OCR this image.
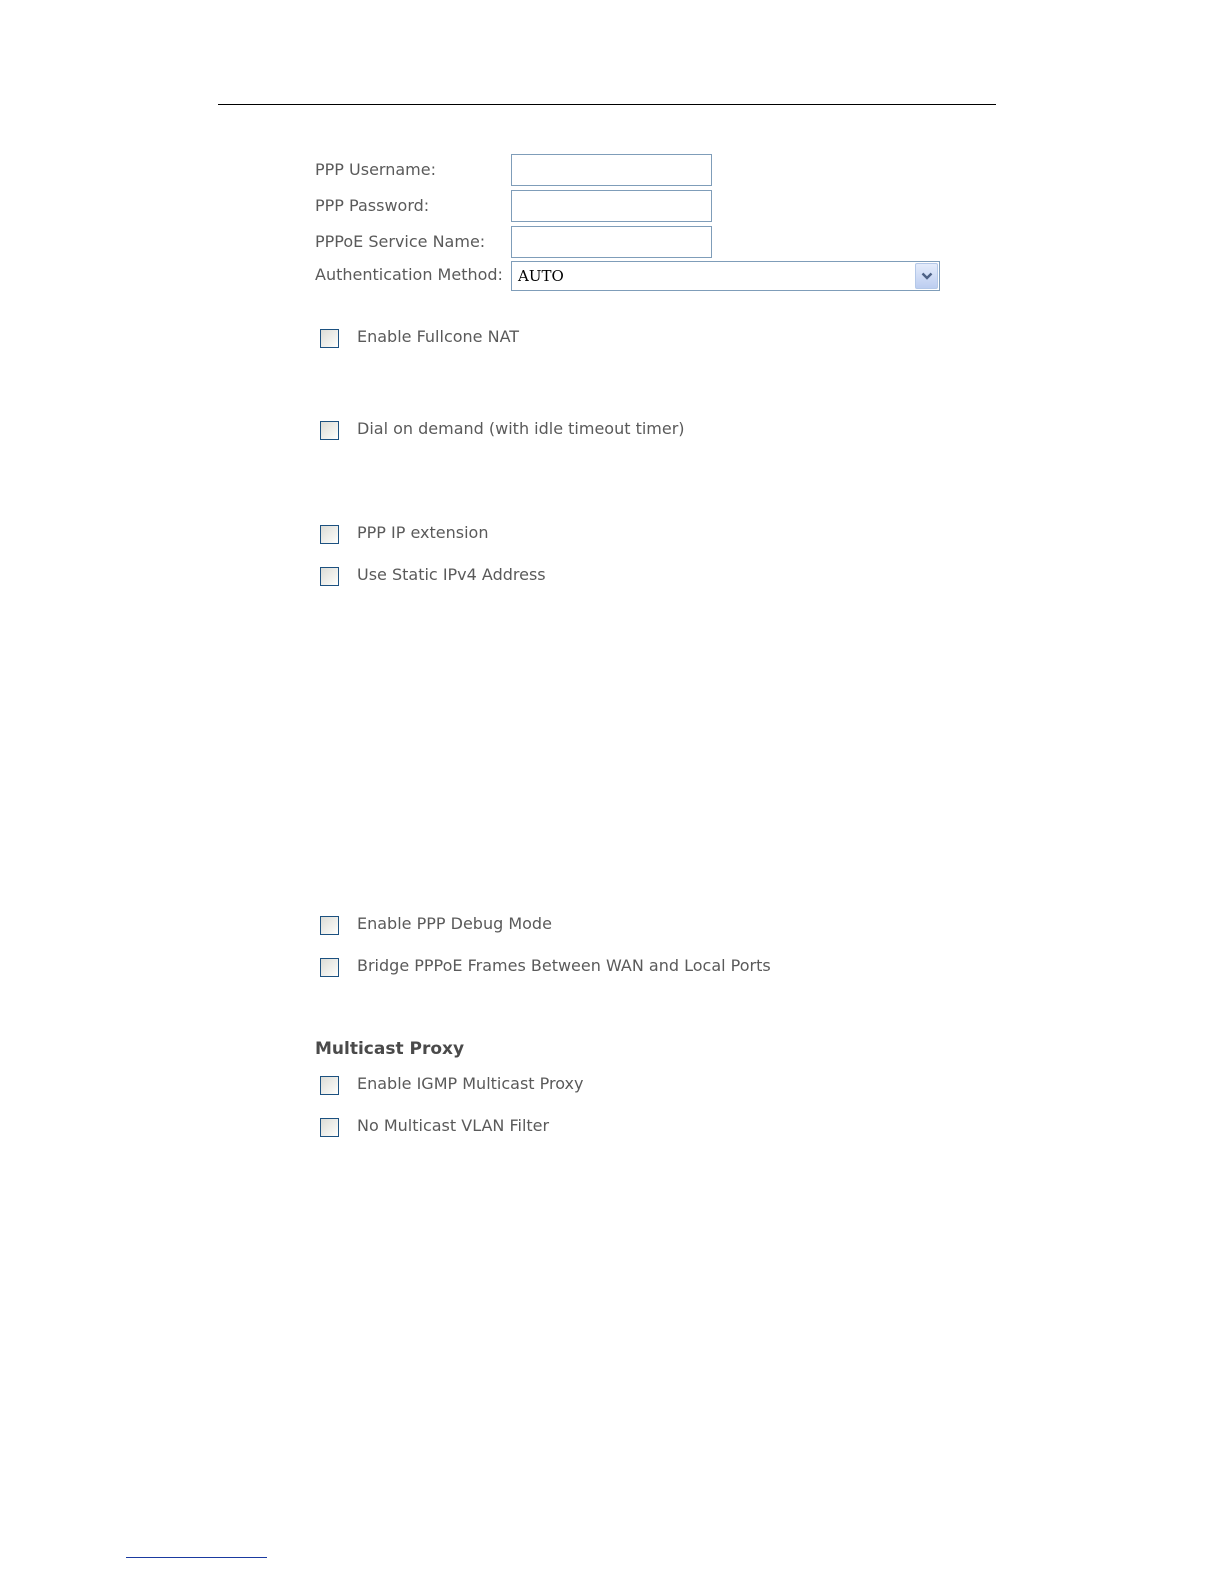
PPP Username:
PPP Password:
PPPoE Service Name:
Authentication Method: AUTO
Enable Fullcone NAT
Dial on demand (with idle timeout timer)
PPP IP extension
Use Static IPv4 Address
Enable PPP Debug Mode
Bridge PPPoE Frames Between WAN and Local Ports
Multicast Proxy
Enable IGMP Multicast Proxy
No Multicast VLAN Filter
